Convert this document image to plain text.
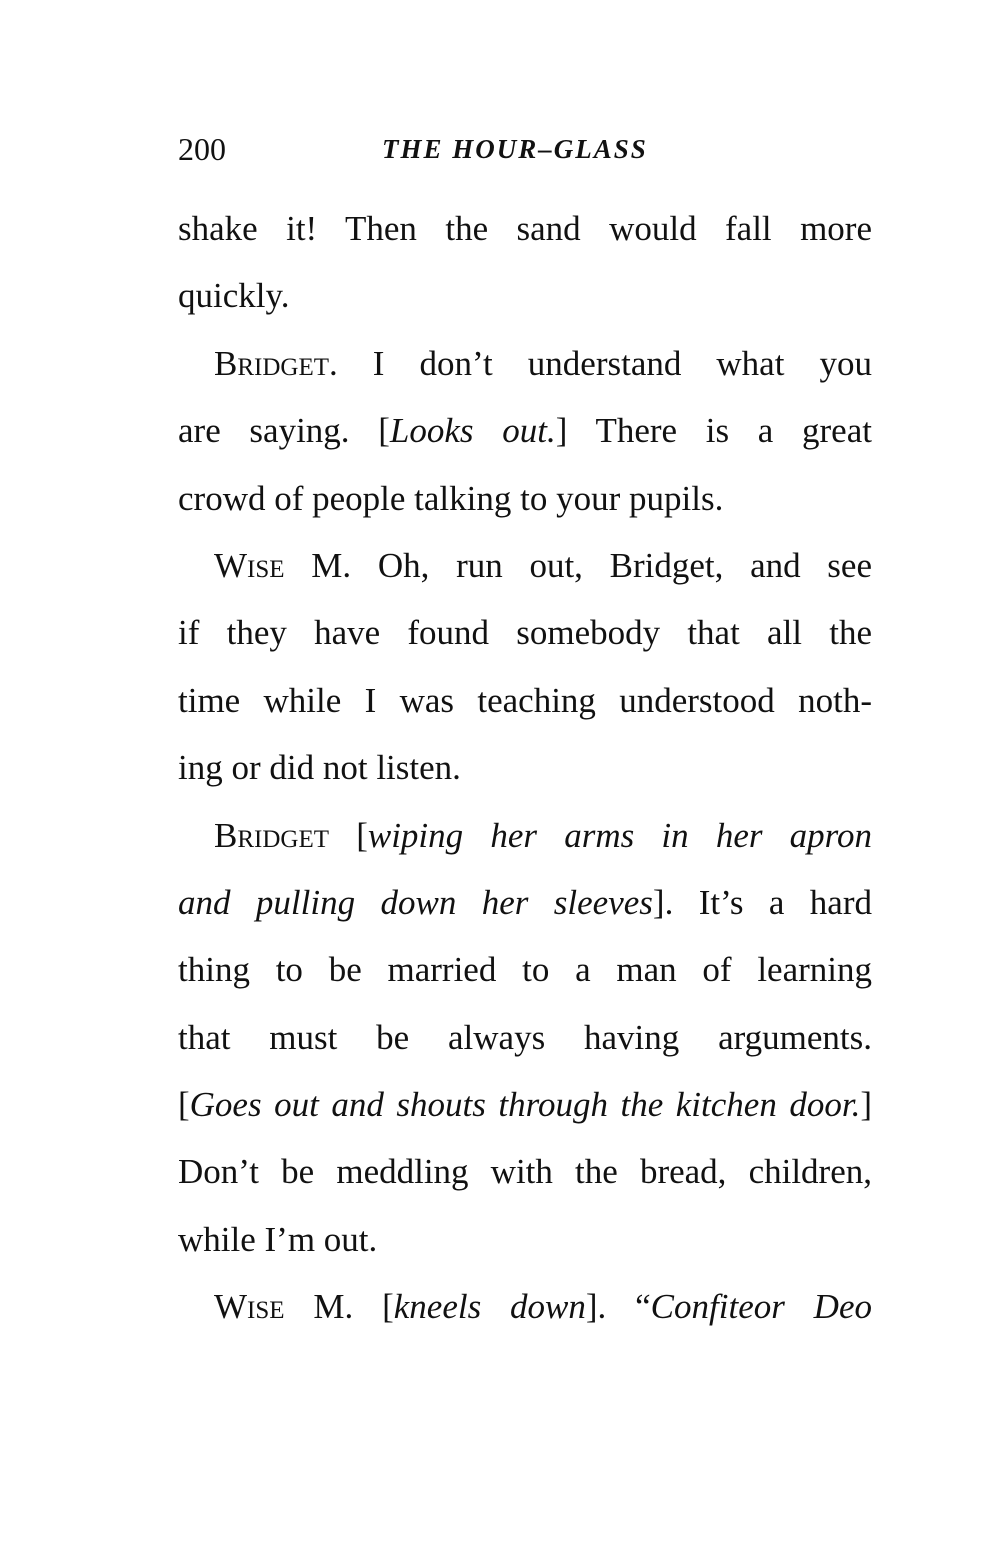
200	THE HOUR–GLASS
shake it! Then the sand would fall more
quickly.
Bridget. I don’t understand what you
are saying. [Looks out.] There is a great
crowd of people talking to your pupils.
Wise M. Oh, run out, Bridget, and see
if they have found somebody that all the
time while I was teaching understood noth-
ing or did not listen.
Bridget [wiping her arms in her apron
and pulling down her sleeves]. It’s a hard
thing to be married to a man of learning
that must be always having arguments.
[Goes out and shouts through the kitchen door.]
Don’t be meddling with the bread, children,
while I’m out.
Wise M. [kneels down]. “Confiteor Deo
